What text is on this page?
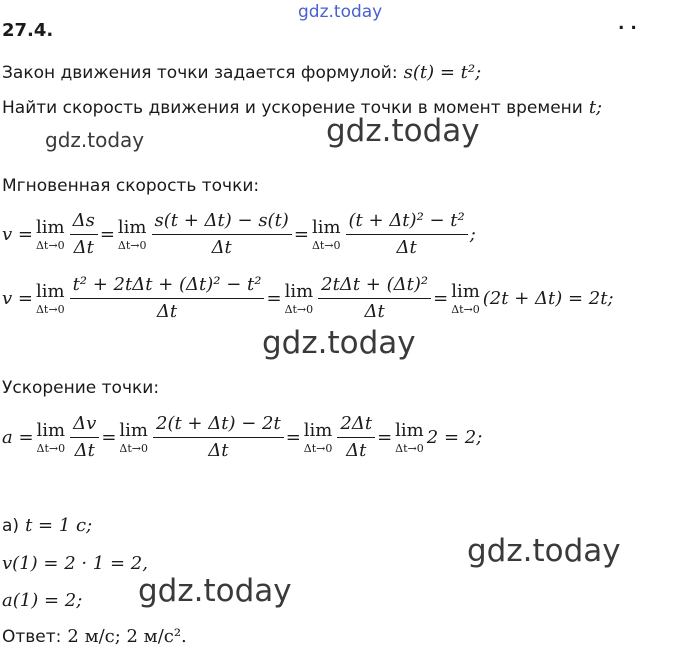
gdz.today
gdz.today	gdz.today
gdz.today
gdz.today
gdz.today
27.4.	. .
Закон движения точки задается формулой: s(t) = t²;
Найти скорость движения и ускорение точки в момент времени t;
Мгновенная скорость точки:
v = lim
$\Delta t\to 0 \frac{\Delta s}{\Delta t} = \lim$
$\Delta t\to 0 \frac{s(t + \Delta t) - s(t)}{\Delta t} = \lim$
$\Delta t\to 0 \frac{\text{(t + Δt)² − t²}}{\Delta t}$ ;
v = lim
$\Delta t\to 0 \frac{\text{t² + 2tΔt + (Δt)² − t²}}{\Delta t} = \lim$
$\Delta t\to 0 \frac{\text{2tΔt + (Δt)²}}{\Delta t} = \lim$
Δt→0 (2t + Δt) = 2t;
Ускорение точки:
a = lim
$\Delta t\to 0 \frac{\Delta v}{\Delta t} = \lim$
$\Delta t\to 0 \frac{2(t + \Delta t) - 2t}{\Delta t} = \lim$
$\Delta t\to 0 \frac{2\Delta t}{\Delta t} = \lim$
Δt→0 2 = 2;
а) t = 1 с;
v(1) = 2 · 1 = 2,
a(1) = 2;
Ответ: 2 м/с; 2 м/с².
